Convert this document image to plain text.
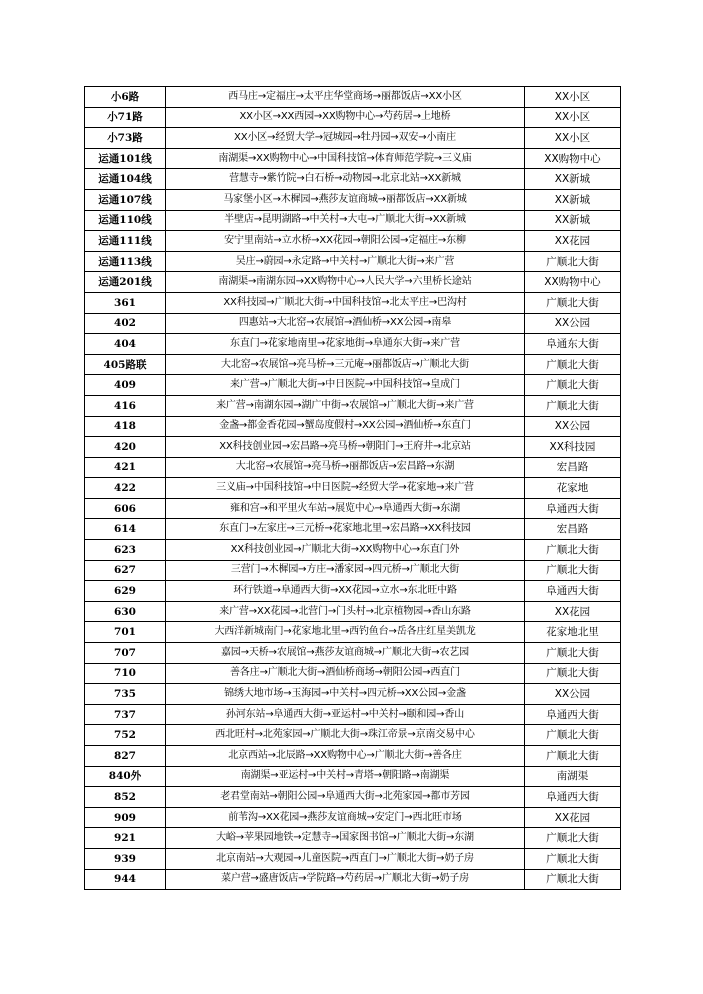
小6路	西马庄→定福庄→太平庄华堂商场→丽都饭店→XX小区	XX小区
小71路	XX小区→XX西园→XX购物中心→芍药居→上地桥	XX小区
小73路	XX小区→经贸大学→冠城园→牡丹园→双安→小南庄	XX小区
运通101线	南湖渠→XX购物中心→中国科技馆→体育师范学院→三义庙	XX购物中心
运通104线	营慧寺→紫竹院→白石桥→动物园→北京北站→XX新城	XX新城
运通107线	马家堡小区→木樨园→燕莎友谊商城→丽都饭店→XX新城	XX新城
运通110线	半壁店→昆明湖路→中关村→大屯→广顺北大街→XX新城	XX新城
运通111线	安宁里南站→立水桥→XX花园→朝阳公园→定福庄→东柳	XX花园
运通113线	吴庄→蔚园→永定路→中关村→广顺北大街→来广营	广顺北大街
运通201线	南湖渠→南湖东园→XX购物中心→人民大学→六里桥长途站	XX购物中心
361	XX科技园→广顺北大街→中国科技馆→北太平庄→巴沟村	广顺北大街
402	四惠站→大北窑→农展馆→酒仙桥→XX公园→南皋	XX公园
404	东直门→花家地南里→花家地街→阜通东大街→来广营	阜通东大街
405路联	大北窑→农展馆→亮马桥→三元庵→丽都饭店→广顺北大街	广顺北大街
409	来广营→广顺北大街→中日医院→中国科技馆→皇成门	广顺北大街
416	来广营→南湖东园→湖广中街→农展馆→广顺北大街→来广营	广顺北大街
418	金盏→都金香花园→蟹岛度假村→XX公园→酒仙桥→东直门	XX公园
420	XX科技创业园→宏昌路→亮马桥→朝阳门→王府井→北京站	XX科技园
421	大北窑→农展馆→亮马桥→丽都饭店→宏昌路→东湖	宏昌路
422	三义庙→中国科技馆→中日医院→经贸大学→花家地→来广营	花家地
606	雍和宫→和平里火车站→展览中心→阜通西大街→东湖	阜通西大街
614	东直门→左家庄→三元桥→花家地北里→宏昌路→XX科技园	宏昌路
623	XX科技创业园→广顺北大街→XX购物中心→东直门外	广顺北大街
627	三营门→木樨园→方庄→潘家园→四元桥→广顺北大街	广顺北大街
629	环行铁道→阜通西大街→XX花园→立水→东北旺中路	阜通西大街
630	来广营→XX花园→北营门→门头村→北京植物园→香山东路	XX花园
701	大西洋新城南门→花家地北里→西钓鱼台→岳各庄红星美凯龙	花家地北里
707	嘉园→天桥→农展馆→燕莎友谊商城→广顺北大街→农艺园	广顺北大街
710	善各庄→广顺北大街→酒仙桥商场→朝阳公园→西直门	广顺北大街
735	锦绣大地市场→玉海园→中关村→四元桥→XX公园→金盏	XX公园
737	孙河东站→阜通西大街→亚运村→中关村→颐和园→香山	阜通西大街
752	西北旺村→北苑家园→广顺北大街→珠江帝景→京南交易中心	广顺北大街
827	北京西站→北辰路→XX购物中心→广顺北大街→善各庄	广顺北大街
840外	南湖渠→亚运村→中关村→青塔→朝阳路→南湖渠	南湖渠
852	老君堂南站→朝阳公园→阜通西大街→北苑家园→都市芳园	阜通西大街
909	前苇沟→XX花园→燕莎友谊商城→安定门→西北旺市场	XX花园
921	大峪→苹果园地铁→定慧寺→国家图书馆→广顺北大街→东湖	广顺北大街
939	北京南站→大观园→儿童医院→西直门→广顺北大街→奶子房	广顺北大街
944	菜户营→盛唐饭店→学院路→芍药居→广顺北大街→奶子房	广顺北大街
